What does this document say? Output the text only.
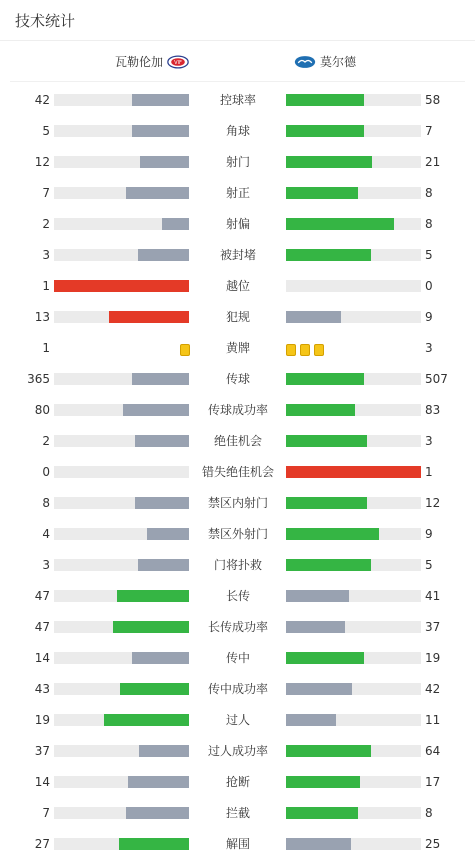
技术统计
瓦勒伦加 VIF	莫尔德
42	控球率	58
5	角球	7
12	射门	21
7	射正	8
2	射偏	8
3	被封堵	5
1	越位	0
13	犯规	9
1	黄牌	3
365	传球	507
80	传球成功率	83
2	绝佳机会	3
0	错失绝佳机会	1
8	禁区内射门	12
4	禁区外射门	9
3	门将扑救	5
47	长传	41
47	长传成功率	37
14	传中	19
43	传中成功率	42
19	过人	11
37	过人成功率	64
14	抢断	17
7	拦截	8
27	解围	25
